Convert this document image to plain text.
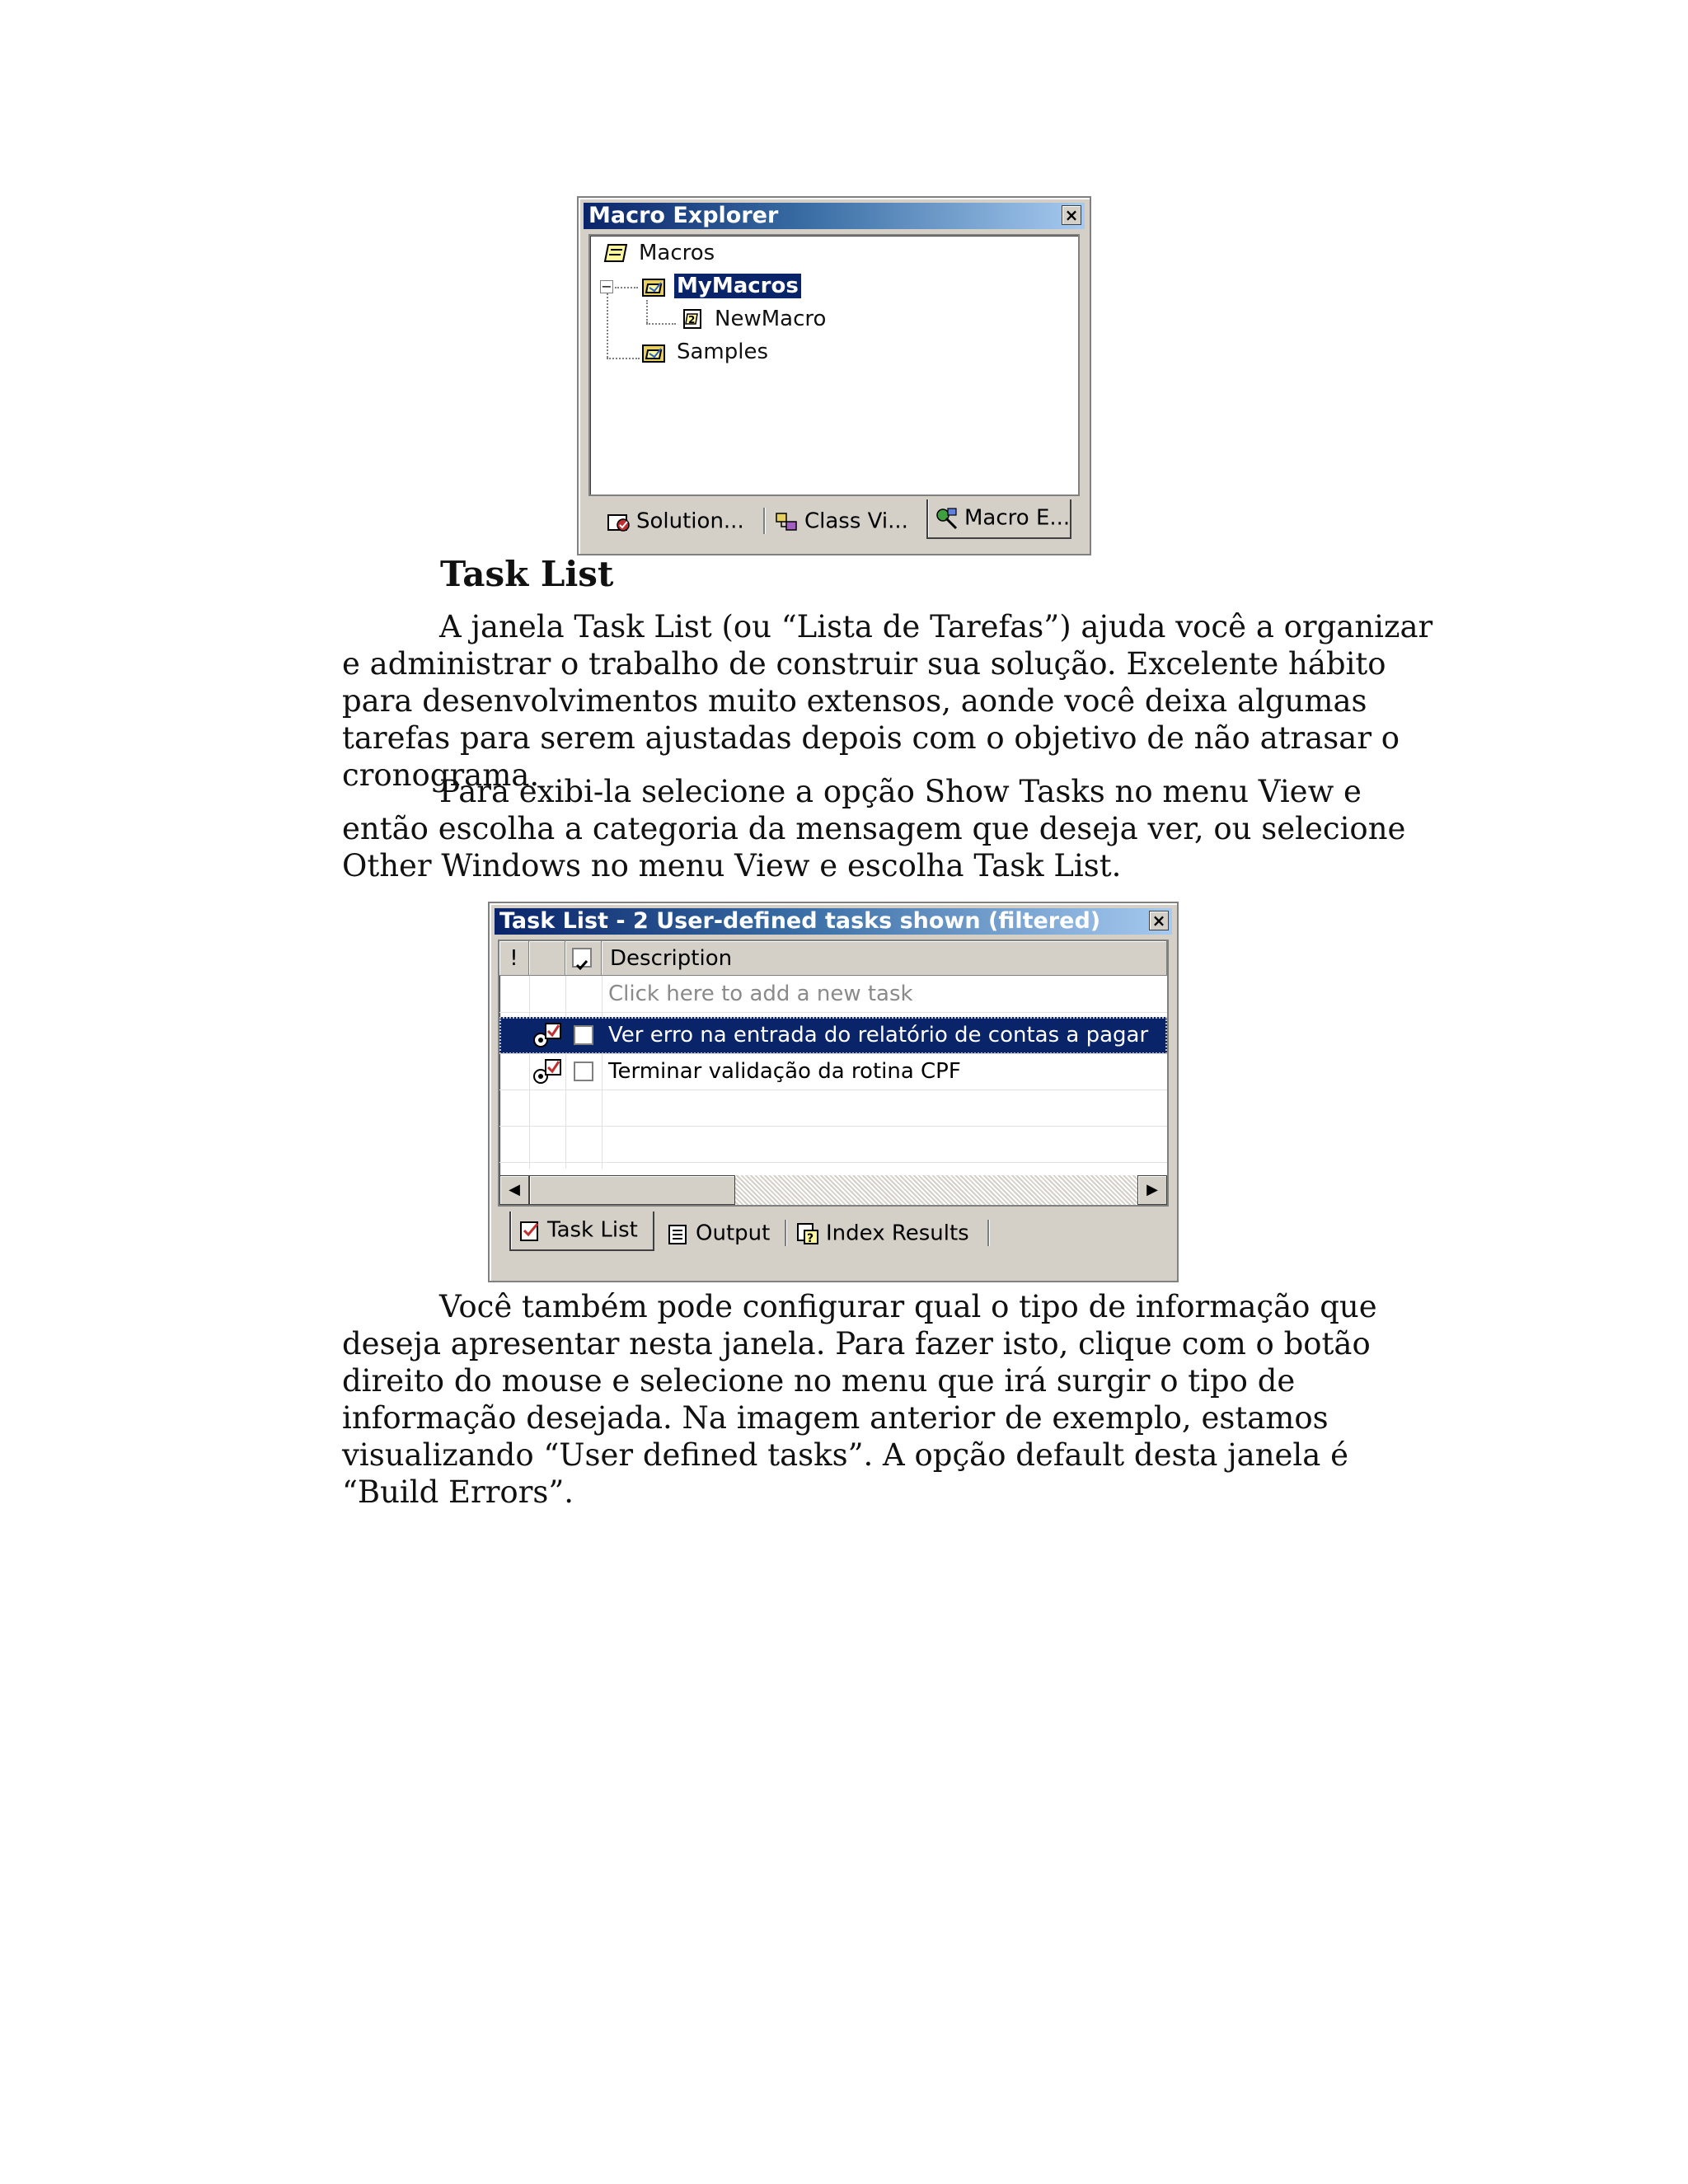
Macro Explorer	×
−
Macros
MyMacros
2 NewMacro
Samples
Solution...	Class Vi...	Macro E...
Task List

A janela Task List (ou “Lista de Tarefas”) ajuda você a organizar e administrar o trabalho de construir sua solução. Excelente hábito para desenvolvimentos muito extensos, aonde você deixa algumas tarefas para serem ajustadas depois com o objetivo de não atrasar o cronograma.

Para exibi-la selecione a opção Show Tasks no menu View e então escolha a categoria da mensagem que deseja ver, ou selecione Other Windows no menu View e escolha Task List.

Task List - 2 User-defined tasks shown (filtered)	×
!	Description
Click here to add a new task
Ver erro na entrada do relatório de contas a pagar
Terminar validação da rotina CPF
◀	▶
Task List	Output	? Index Results

Você também pode configurar qual o tipo de informação que deseja apresentar nesta janela. Para fazer isto, clique com o botão direito do mouse e selecione no menu que irá surgir o tipo de informação desejada. Na imagem anterior de exemplo, estamos visualizando “User defined tasks”. A opção default desta janela é “Build Errors”.
